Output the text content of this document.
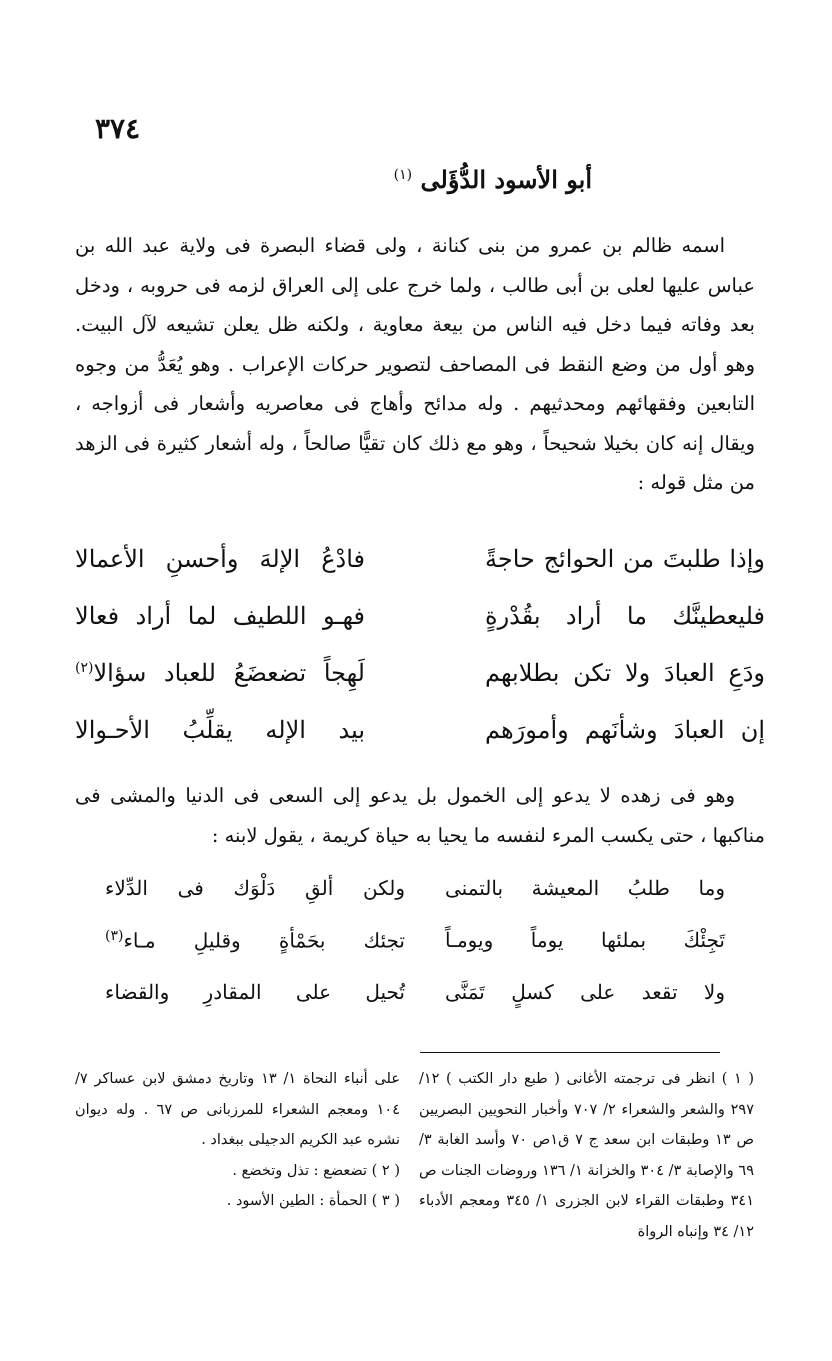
٣٧٤
أبو الأسود الدُّؤَلى $^{(١)}$
اسمه ظالم بن عمرو من بنى كنانة ، ولى قضاء البصرة فى ولاية عبد الله بن عباس عليها لعلى بن أبى طالب ، ولما خرج على إلى العراق لزمه فى حروبه ، ودخل بعد وفاته فيما دخل فيه الناس من بيعة معاوية ، ولكنه ظل يعلن تشيعه لآل البيت. وهو أول من وضع النقط فى المصاحف لتصوير حركات الإعراب . وهو يُعَدُّ من وجوه التابعين وفقهائهم ومحدثيهم . وله مدائح وأهاج فى معاصريه وأشعار فى أزواجه ، ويقال إنه كان بخيلا شحيحاً ، وهو مع ذلك كان تقيًّا صالحاً ، وله أشعار كثيرة فى الزهد من مثل قوله :
وإذا طلبتَ من الحوائج حاجةً
فادْعُ الإلهَ وأحسنِ الأعمالا
فليعطينَّك ما أراد بقُدْرةٍ
فهـو اللطيف لما أراد فعالا
ودَعِ العبادَ ولا تكن بطلابهم
لَهِجاً تضعضَعُ للعباد سؤالا$^{(٢)}$
إن العبادَ وشأنَهم وأمورَهم
بيد الإله يقلِّبُ الأحـوالا
وهو فى زهده لا يدعو إلى الخمول بل يدعو إلى السعى فى الدنيا والمشى فى مناكبها ، حتى يكسب المرء لنفسه ما يحيا به حياة كريمة ، يقول لابنه :
وما طلبُ المعيشة بالتمنى
ولكن ألقِ دَلْوَك فى الدِّلاء
تَجِئْكَ بملئها يوماً ويومـاً
تجئك بحَمْأةٍ وقليلِ مـاء$^{(٣)}$
ولا تقعد على كسلٍ تَمَنَّى
تُحيل على المقادرِ والقضاء
( ١ ) انظر فى ترجمته الأغانى ( طبع دار الكتب ) ١٢/ ٢٩٧ والشعر والشعراء ٢/ ٧٠٧ وأخبار النحويين البصريين ص ١٣ وطبقات ابن سعد ج ٧ ق١ص ٧٠ وأسد الغابة ٣/ ٦٩ والإصابة ٣/ ٣٠٤ والخزانة ١/ ١٣٦ وروضات الجنات ص ٣٤١ وطبقات القراء لابن الجزرى ١/ ٣٤٥ ومعجم الأدباء ١٢/ ٣٤ وإنباه الرواة
على أنباء النحاة ١/ ١٣ وتاريخ دمشق لابن عساكر ٧/ ١٠٤ ومعجم الشعراء للمرزبانى ص ٦٧ . وله ديوان نشره عبد الكريم الدجيلى ببغداد .
( ٢ ) تضعضع : تذل وتخضع .
( ٣ ) الحمأة : الطين الأسود .
